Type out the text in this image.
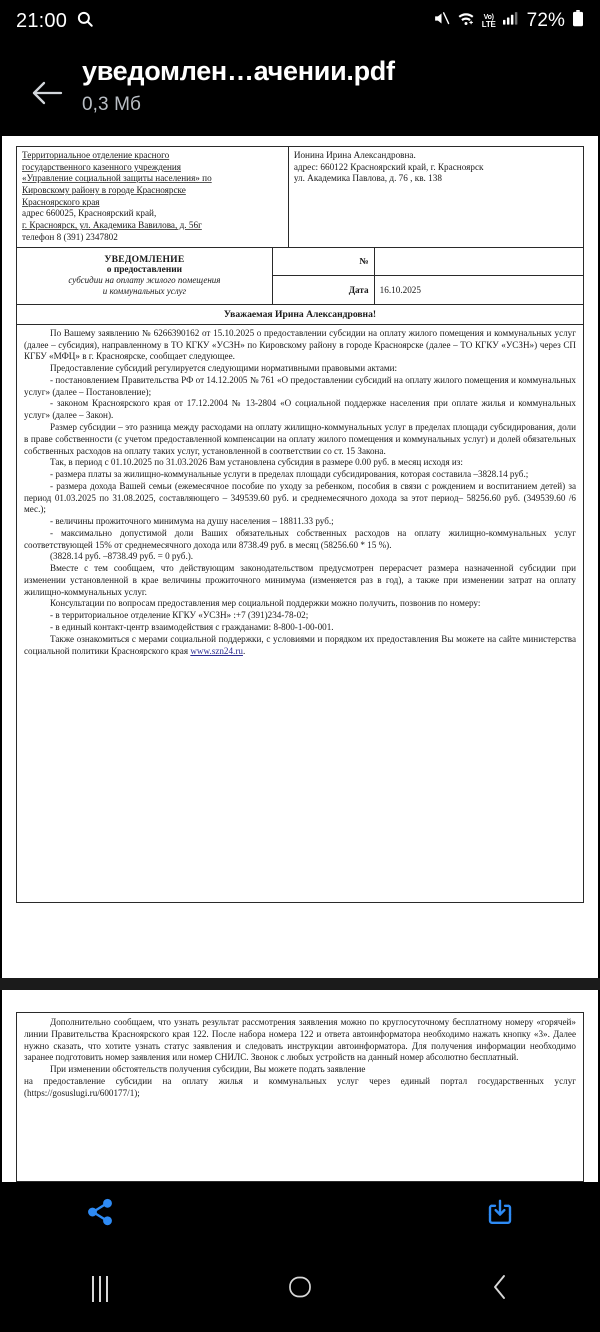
21:00	Vo)
LTE 72%
уведомлен…ачении.pdf
0,3 Мб
Территориальное отделение красного
государственного казенного учреждения
«Управление социальной защиты населения» по
Кировскому району в городе Красноярске
Красноярского края
адрес 660025, Красноярский край,
г. Красноярск, ул. Академика Вавилова, д. 56г
телефон 8 (391) 2347802

Ионина Ирина Александровна.
адрес: 660122 Красноярский край, г. Красноярск
ул. Академика Павлова, д. 76 , кв. 138
УВЕДОМЛЕНИЕ
о предоставлении
субсидии на оплату жилого помещения
и коммунальных услуг	№	
	Дата	16.10.2025
Уважаемая Ирина Александровна!

По Вашему заявлению № 6266390162 от 15.10.2025 о предоставлении субсидии на оплату жилого помещения и коммунальных услуг (далее – субсидия), направленному в ТО КГКУ «УСЗН» по Кировскому району в городе Красноярске (далее – ТО КГКУ «УСЗН») через СП КГБУ «МФЦ» в г. Красноярске, сообщает следующее.

Предоставление субсидий регулируется следующими нормативными правовыми актами:

- постановлением Правительства РФ от 14.12.2005 № 761 «О предоставлении субсидий на оплату жилого помещения и коммунальных услуг» (далее – Постановление);

- законом Красноярского края от 17.12.2004 № 13-2804 «О социальной поддержке населения при оплате жилья и коммунальных услуг» (далее – Закон).

Размер субсидии – это разница между расходами на оплату жилищно-коммунальных услуг в пределах площади субсидирования, доли в праве собственности (с учетом предоставленной компенсации на оплату жилого помещения и коммунальных услуг) и долей обязательных собственных расходов на оплату таких услуг, установленной в соответствии со ст. 15 Закона.

Так, в период с 01.10.2025 по 31.03.2026 Вам установлена субсидия в размере 0.00 руб. в месяц исходя из:

- размера платы за жилищно-коммунальные услуги в пределах площади субсидирования, которая составила –3828.14 руб.;

- размера дохода Вашей семьи (ежемесячное пособие по уходу за ребенком, пособия в связи с рождением и воспитанием детей) за период 01.03.2025 по 31.08.2025, составляющего – 349539.60 руб. и среднемесячного дохода за этот период– 58256.60 руб. (349539.60 /6 мес.);

- величины прожиточного минимума на душу населения – 18811.33 руб.;

- максимально допустимой доли Ваших обязательных собственных расходов на оплату жилищно-коммунальных услуг соответствующей 15% от среднемесячного дохода или 8738.49 руб. в месяц (58256.60 * 15 %).

(3828.14 руб. –8738.49 руб. = 0 руб.).

Вместе с тем сообщаем, что действующим законодательством предусмотрен перерасчет размера назначенной субсидии при изменении установленной в крае величины прожиточного минимума (изменяется раз в год), а также при изменении затрат на оплату жилищно-коммунальных услуг.

Консультации по вопросам предоставления мер социальной поддержки можно получить, позвонив по номеру:

- в территориальное отделение КГКУ «УСЗН» :+7 (391)234-78-02;

- в единый контакт-центр взаимодействия с гражданами: 8-800-1-00-001.

Также ознакомиться с мерами социальной поддержки, с условиями и порядком их предоставления Вы можете на сайте министерства социальной политики Красноярского края www.szn24.ru.

Дополнительно сообщаем, что узнать результат рассмотрения заявления можно по круглосуточному бесплатному номеру «горячей» линии Правительства Красноярского края 122. После набора номера 122 и ответа автоинформатора необходимо нажать кнопку «3». Далее нужно сказать, что хотите узнать статус заявления и следовать инструкции автоинформатора. Для получения информации необходимо заранее подготовить номер заявления или номер СНИЛС. Звонок с любых устройств на данный номер абсолютно бесплатный.

При изменении обстоятельств получения субсидии, Вы можете подать заявление

на предоставление субсидии на оплату жилья и коммунальных услуг через единый портал государственных услуг (https://gosuslugi.ru/600177/1);
